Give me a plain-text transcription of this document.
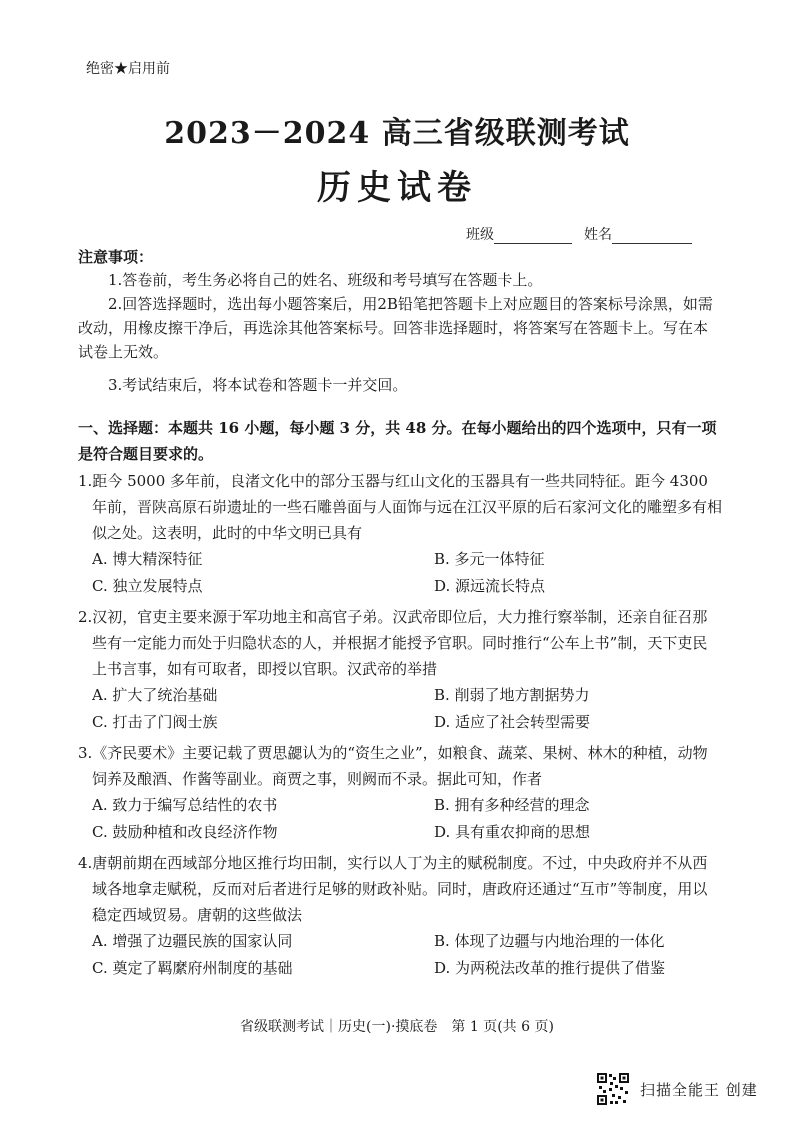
绝密★启用前
2023－2024 高三省级联测考试
历史试卷
班级	姓名
注意事项：
1.答卷前，考生务必将自己的姓名、班级和考号填写在答题卡上。
2.回答选择题时，选出每小题答案后，用2B铅笔把答题卡上对应题目的答案标号涂黑，如需改动，用橡皮擦干净后，再选涂其他答案标号。回答非选择题时，将答案写在答题卡上。写在本试卷上无效。
3.考试结束后，将本试卷和答题卡一并交回。
一、选择题：本题共 16 小题，每小题 3 分，共 48 分。在每小题给出的四个选项中，只有一项是符合题目要求的。
1.距今 5000 多年前，良渚文化中的部分玉器与红山文化的玉器具有一些共同特征。距今 4300 年前，晋陕高原石峁遗址的一些石雕兽面与人面饰与远在江汉平原的后石家河文化的雕塑多有相似之处。这表明，此时的中华文明已具有
A. 博大精深特征	B. 多元一体特征
C. 独立发展特点	D. 源远流长特点
2.汉初，官吏主要来源于军功地主和高官子弟。汉武帝即位后，大力推行察举制，还亲自征召那些有一定能力而处于归隐状态的人，并根据才能授予官职。同时推行“公车上书”制，天下吏民上书言事，如有可取者，即授以官职。汉武帝的举措
A. 扩大了统治基础	B. 削弱了地方割据势力
C. 打击了门阀士族	D. 适应了社会转型需要
3.《齐民要术》主要记载了贾思勰认为的“资生之业”，如粮食、蔬菜、果树、林木的种植，动物饲养及酿酒、作酱等副业。商贾之事，则阙而不录。据此可知，作者
A. 致力于编写总结性的农书	B. 拥有多种经营的理念
C. 鼓励种植和改良经济作物	D. 具有重农抑商的思想
4.唐朝前期在西域部分地区推行均田制，实行以人丁为主的赋税制度。不过，中央政府并不从西域各地拿走赋税，反而对后者进行足够的财政补贴。同时，唐政府还通过“互市”等制度，用以稳定西域贸易。唐朝的这些做法
A. 增强了边疆民族的国家认同	B. 体现了边疆与内地治理的一体化
C. 奠定了羁縻府州制度的基础	D. 为两税法改革的推行提供了借鉴
省级联测考试｜历史(一)·摸底卷　第 1 页(共 6 页)
扫描全能王 创建
